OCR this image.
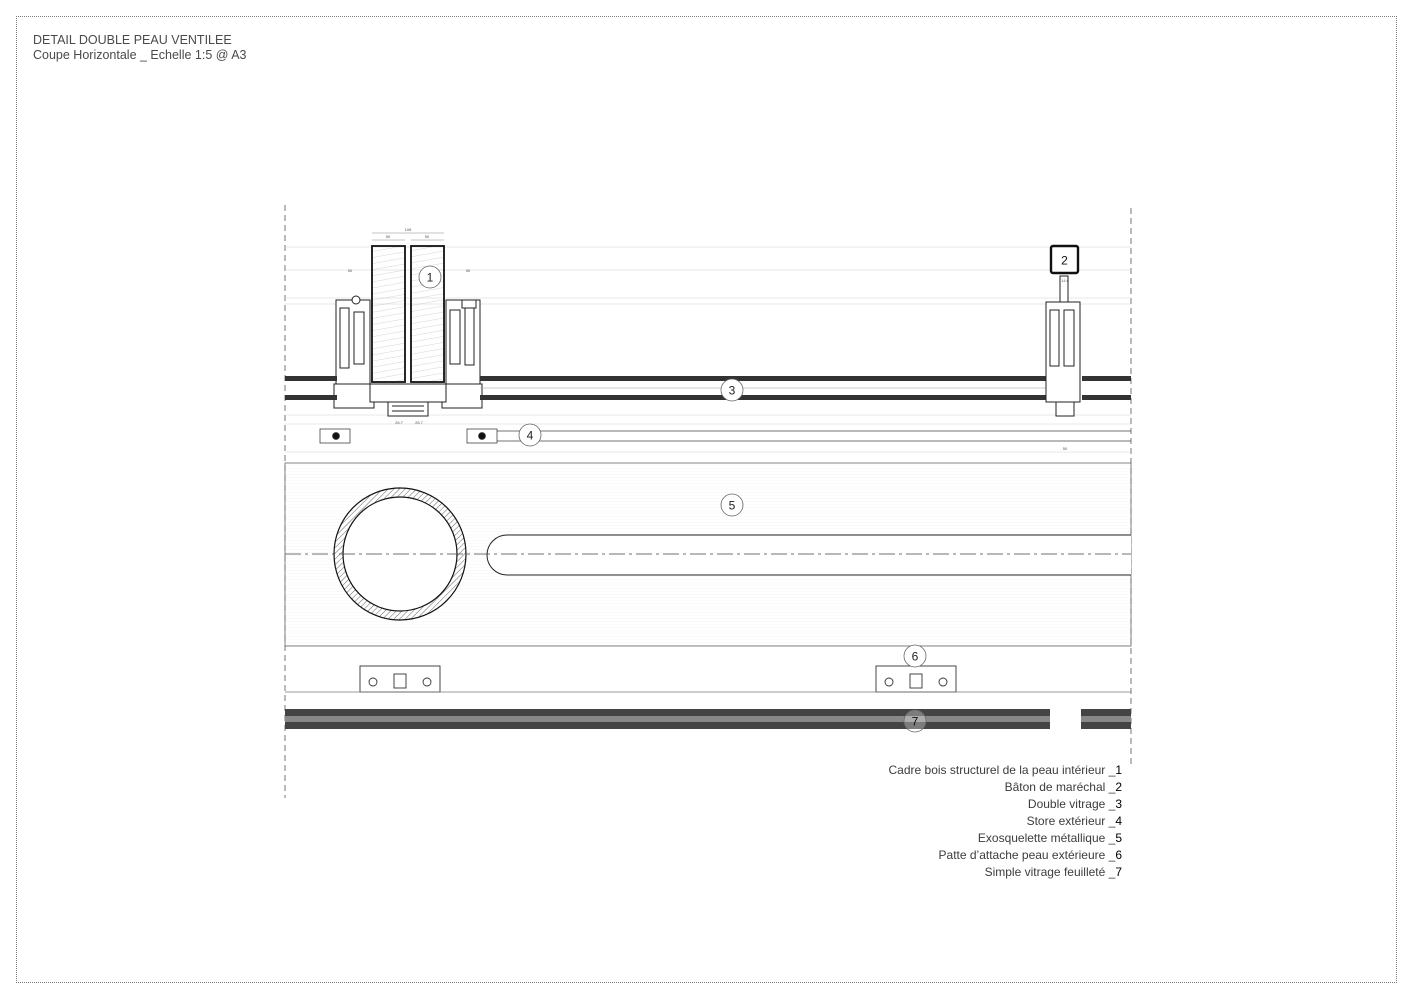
DETAIL DOUBLE PEAU VENTILEE
Coupe Horizontale _ Echelle 1:5 @ A3
108
50	50
50	50
26.7	26.7
14.6
50
1
2
3
4
5
6
7
Cadre bois structurel de la peau intérieur _1
Bâton de maréchal _2
Double vitrage _3
Store extérieur _4
Exosquelette métallique _5
Patte d’attache peau extérieure _6
Simple vitrage feuilleté _7
